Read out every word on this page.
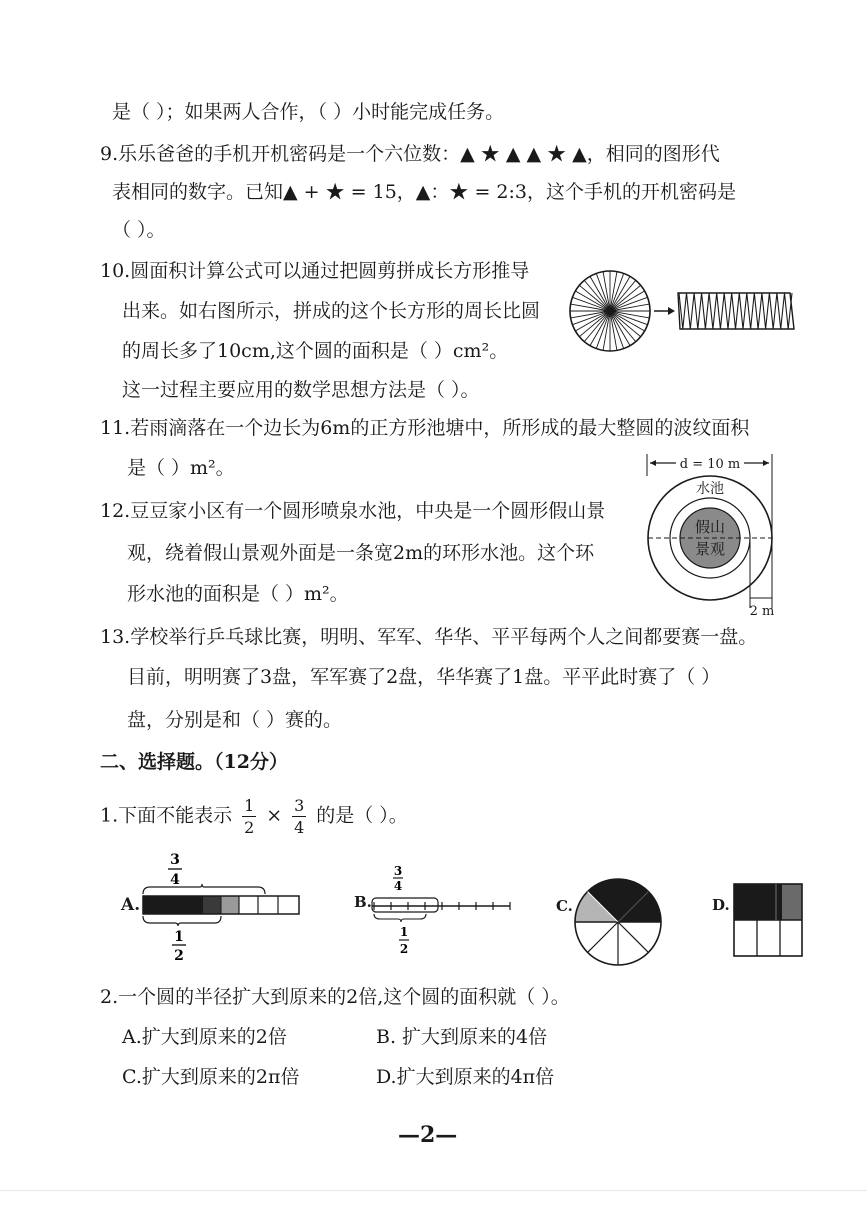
是（ ）；如果两人合作，（ ）小时能完成任务。
9.乐乐爸爸的手机开机密码是一个六位数：▲ ★ ▲ ▲ ★ ▲，相同的图形代
表相同的数字。已知▲ + ★ = 15，▲：★ = 2:3，这个手机的开机密码是
（ ）。
10.圆面积计算公式可以通过把圆剪拼成长方形推导
出来。如右图所示，拼成的这个长方形的周长比圆
的周长多了10cm,这个圆的面积是（ ）cm²。
这一过程主要应用的数学思想方法是（ ）。
11.若雨滴落在一个边长为6m的正方形池塘中，所形成的最大整圆的波纹面积
是（ ）m²。	d = 10 m
水池
假山
景观
2 m
12.豆豆家小区有一个圆形喷泉水池，中央是一个圆形假山景
观，绕着假山景观外面是一条宽2m的环形水池。这个环
形水池的面积是（ ）m²。
13.学校举行乒乓球比赛，明明、军军、华华、平平每两个人之间都要赛一盘。
目前，明明赛了3盘，军军赛了2盘，华华赛了1盘。平平此时赛了（ ）
盘，分别是和（ ）赛的。
二、选择题。（12分）
1.下面不能表示 $\frac{1}{2} \times \frac{3}{4}$ 的是（ ）。
A.
3
4
1
2
B.
3
4
1
2
C.	D.
2.一个圆的半径扩大到原来的2倍,这个圆的面积就（ ）。
A.扩大到原来的2倍	B. 扩大到原来的4倍
C.扩大到原来的2π倍	D.扩大到原来的4π倍
—2—
